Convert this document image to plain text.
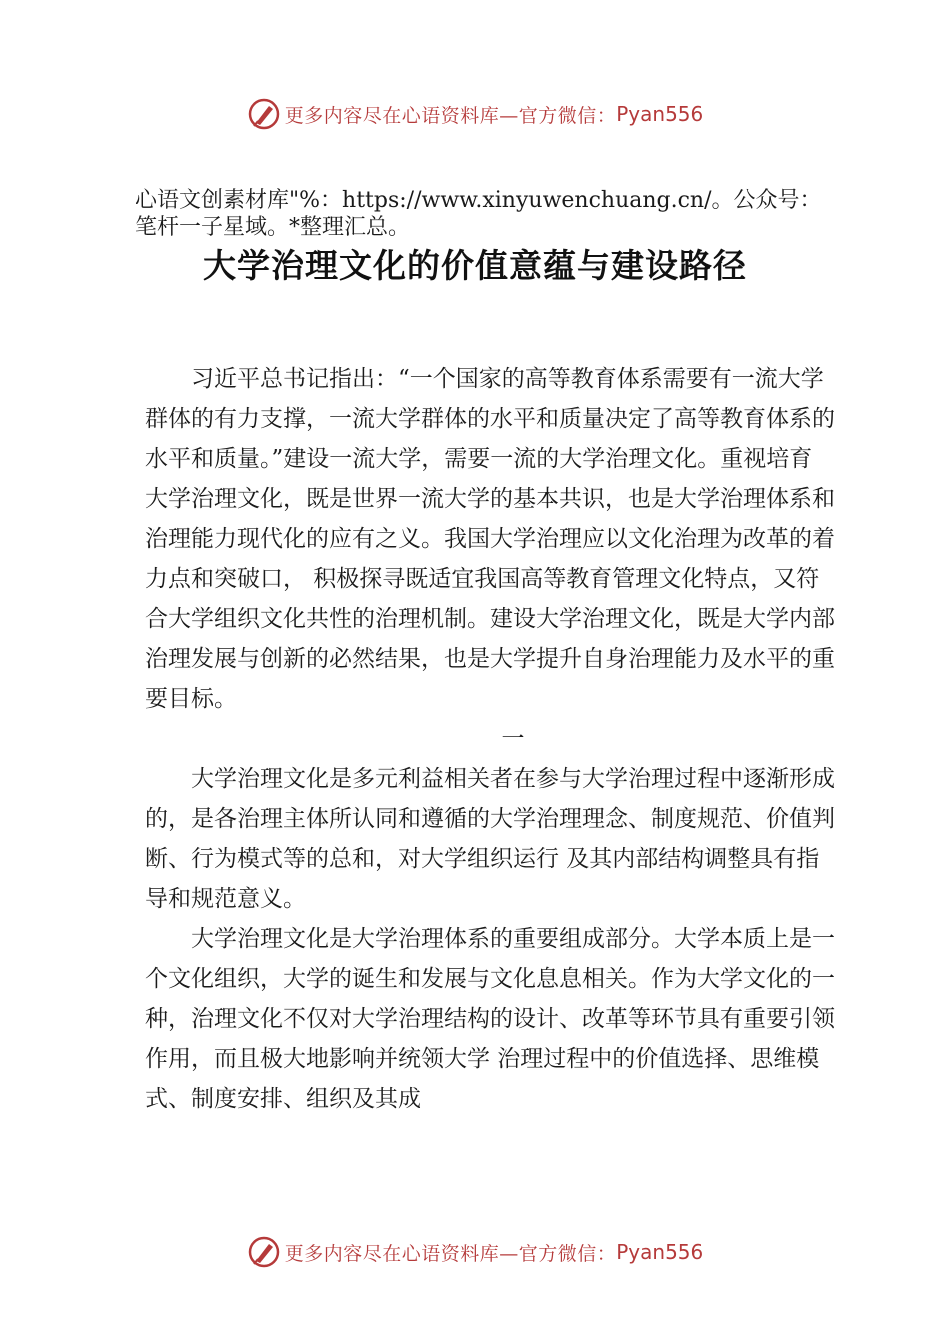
更多内容尽在心语资料库—官方微信： Pyan556
心语文创素材库"%：https://www.xinyuwenchuang.cn/。公众号：笔杆一子星域。*整理汇总。
大学治理文化的价值意蕴与建设路径

习近平总书记指出：“一个国家的高等教育体系需要有一流大学群体的有力支撑，一流大学群体的水平和质量决定了高等教育体系的水平和质量。”建设一流大学，需要一流的大学治理文化。重视培育大学治理文化，既是世界一流大学的基本共识，也是大学治理体系和治理能力现代化的应有之义。我国大学治理应以文化治理为改革的着力点和突破口， 积极探寻既适宜我国高等教育管理文化特点，又符合大学组织文化共性的治理机制。建设大学治理文化，既是大学内部治理发展与创新的必然结果，也是大学提升自身治理能力及水平的重要目标。

一

大学治理文化是多元利益相关者在参与大学治理过程中逐渐形成的，是各治理主体所认同和遵循的大学治理理念、制度规范、价值判断、行为模式等的总和，对大学组织运行 及其内部结构调整具有指导和规范意义。

大学治理文化是大学治理体系的重要组成部分。大学本质上是一个文化组织，大学的诞生和发展与文化息息相关。作为大学文化的一种，治理文化不仅对大学治理结构的设计、改革等环节具有重要引领作用，而且极大地影响并统领大学 治理过程中的价值选择、思维模式、制度安排、组织及其成

更多内容尽在心语资料库—官方微信： Pyan556
